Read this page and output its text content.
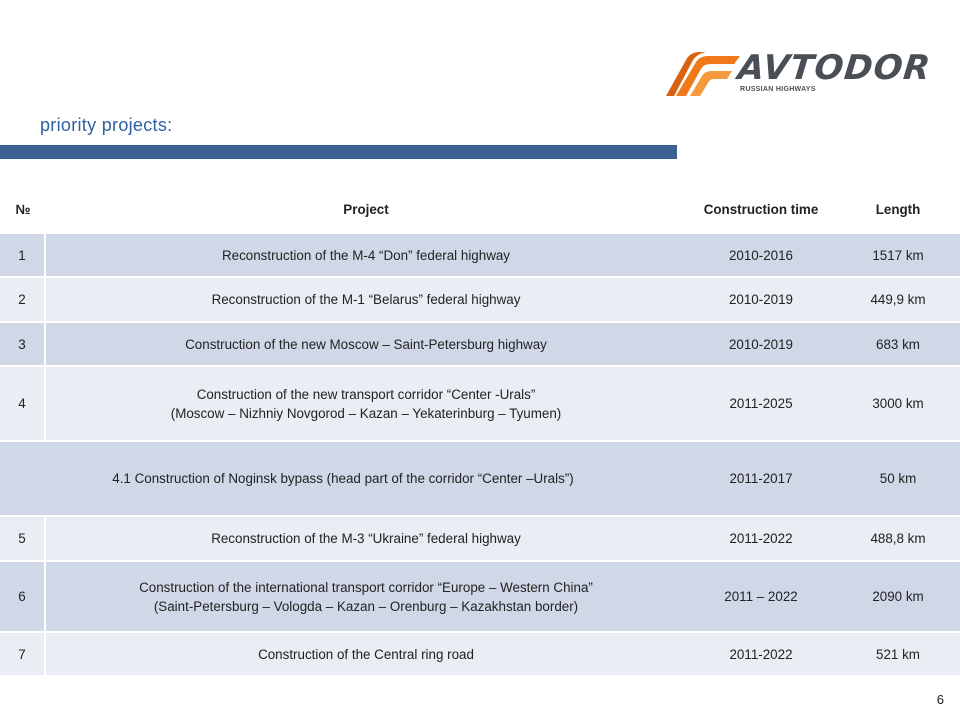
AVTODOR
RUSSIAN HIGHWAYS
priority projects:
№	Project	Construction time	Length
1	Reconstruction of the M-4 “Don” federal highway	2010-2016	1517 km
2	Reconstruction of the M-1 “Belarus” federal highway	2010-2019	449,9 km
3	Construction of the new Moscow – Saint-Petersburg highway	2010-2019	683 km
4	Construction of the new transport corridor “Center -Urals”
(Moscow – Nizhniy Novgorod – Kazan – Yekaterinburg – Tyumen)	2011-2025	3000 km
4.1 Construction of Noginsk bypass (head part of the corridor “Center –Urals”)		2011-2017	50 km
5	Reconstruction of the M-3 “Ukraine” federal highway	2011-2022	488,8 km
6	Construction of the international transport corridor “Europe – Western China”
(Saint-Petersburg – Vologda – Kazan – Orenburg – Kazakhstan border)	2011 – 2022	2090 km
7	Construction of the Central ring road	2011-2022	521 km
6
